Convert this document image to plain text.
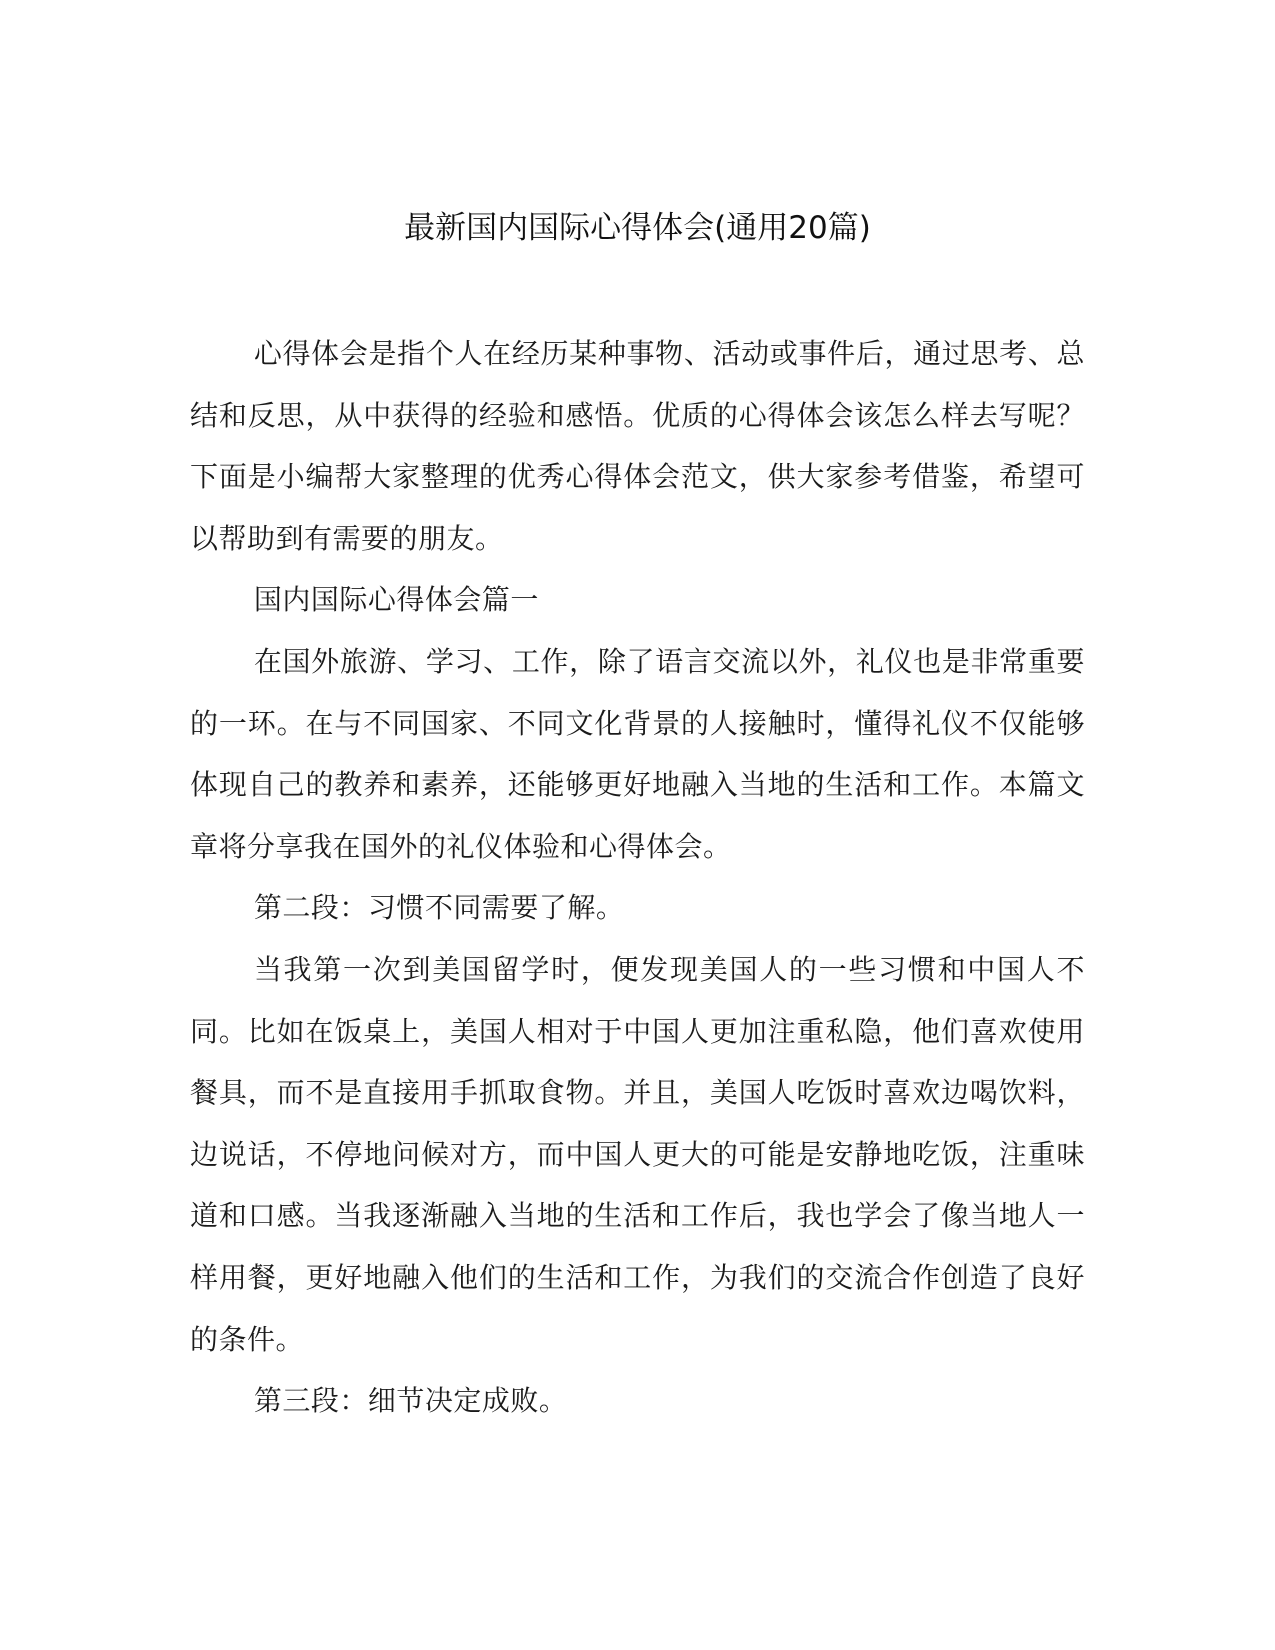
最新国内国际心得体会(通用20篇)

心得体会是指个人在经历某种事物、活动或事件后，通过思考、总结和反思，从中获得的经验和感悟。优质的心得体会该怎么样去写呢？下面是小编帮大家整理的优秀心得体会范文，供大家参考借鉴，希望可以帮助到有需要的朋友。

国内国际心得体会篇一

在国外旅游、学习、工作，除了语言交流以外，礼仪也是非常重要的一环。在与不同国家、不同文化背景的人接触时，懂得礼仪不仅能够体现自己的教养和素养，还能够更好地融入当地的生活和工作。本篇文章将分享我在国外的礼仪体验和心得体会。

第二段：习惯不同需要了解。

当我第一次到美国留学时，便发现美国人的一些习惯和中国人不同。比如在饭桌上，美国人相对于中国人更加注重私隐，他们喜欢使用餐具，而不是直接用手抓取食物。并且，美国人吃饭时喜欢边喝饮料，边说话，不停地问候对方，而中国人更大的可能是安静地吃饭，注重味道和口感。当我逐渐融入当地的生活和工作后，我也学会了像当地人一样用餐，更好地融入他们的生活和工作，为我们的交流合作创造了良好的条件。

第三段：细节决定成败。
